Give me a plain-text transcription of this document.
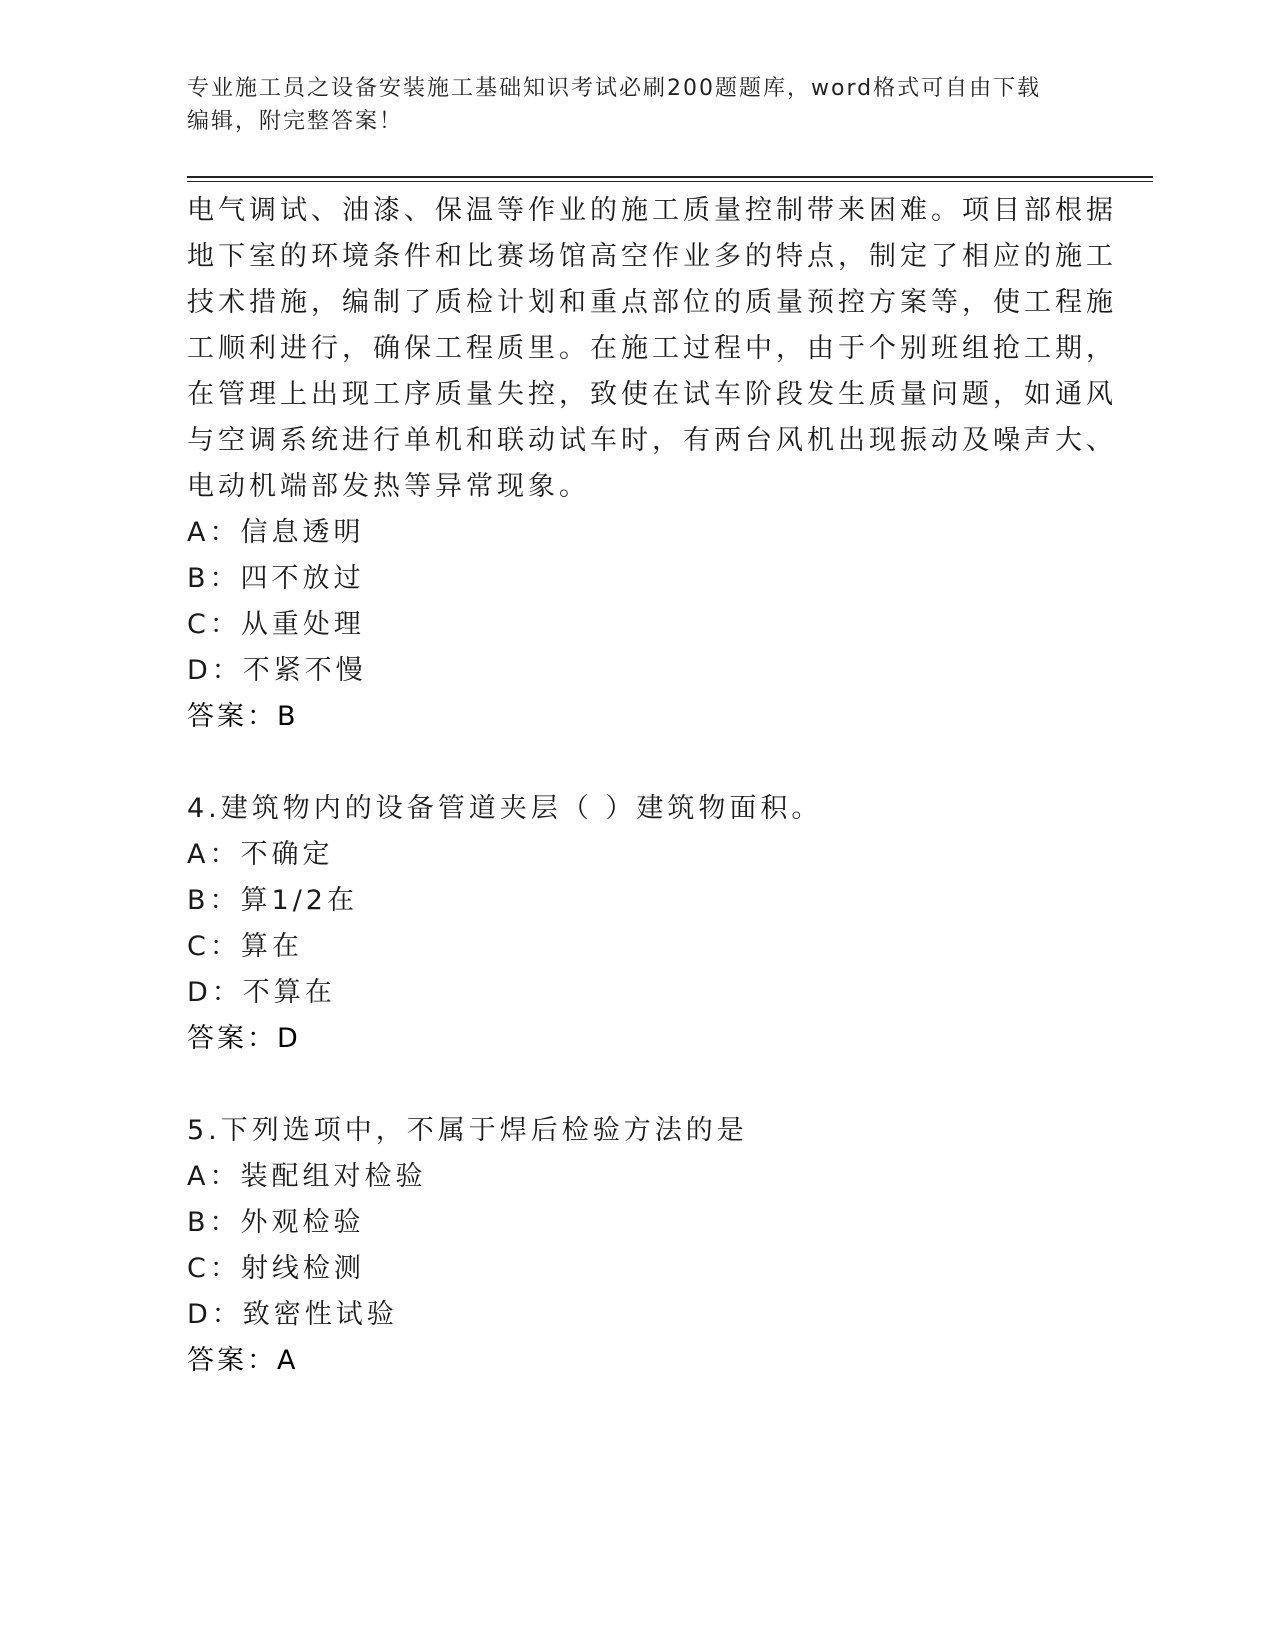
专业施工员之设备安装施工基础知识考试必刷200题题库，word格式可自由下载
编辑，附完整答案！
电气调试、油漆、保温等作业的施工质量控制带来困难。项目部根据
地下室的环境条件和比赛场馆高空作业多的特点，制定了相应的施工
技术措施，编制了质检计划和重点部位的质量预控方案等，使工程施
工顺利进行，确保工程质里。在施工过程中，由于个别班组抢工期，
在管理上出现工序质量失控，致使在试车阶段发生质量问题，如通风
与空调系统进行单机和联动试车时，有两台风机出现振动及噪声大、
电动机端部发热等异常现象。
A：信息透明
B：四不放过
C：从重处理
D：不紧不慢
答案：B
4.建筑物内的设备管道夹层（ ）建筑物面积。
A：不确定
B：算1/2在
C：算在
D：不算在
答案：D
5.下列选项中，不属于焊后检验方法的是
A：装配组对检验
B：外观检验
C：射线检测
D：致密性试验
答案：A
